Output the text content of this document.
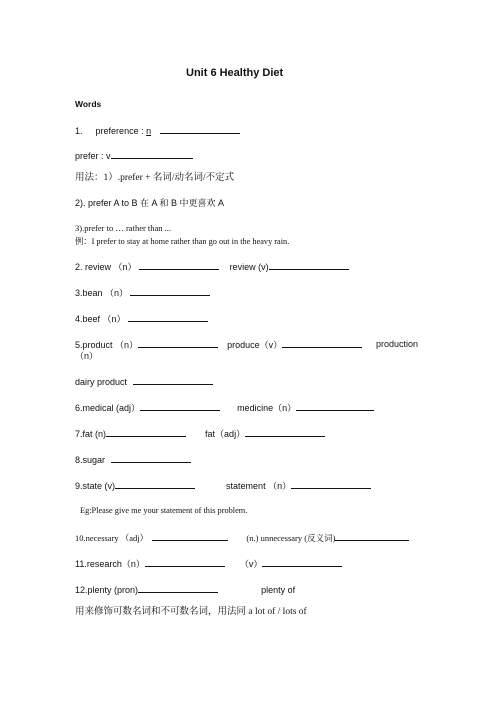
Unit 6 Healthy Diet
Words
1. preference : n
prefer : v
用法：1）.prefer + 名词/动名词/不定式
2). prefer A to B 在 A 和 B 中更喜欢 A
3).prefer to … rather than ...
例：I prefer to stay at home rather than go out in the heavy rain.
2. review （n）	review (v)
3.bean （n）
4.beef （n）
5.product （n）	produce（v）	production
（n）
dairy product
6.medical (adj）	medicine（n）
7.fat (n)	fat（adj）
8.sugar
9.state (v)	statement （n）
Eg:Please give me your statement of this problem.
10.necessary （adj）	(n.) unnecessary (反义词)
11.research（n）	（v）
12.plenty (pron)	plenty of
用来修饰可数名词和不可数名词，用法同 a lot of / lots of
